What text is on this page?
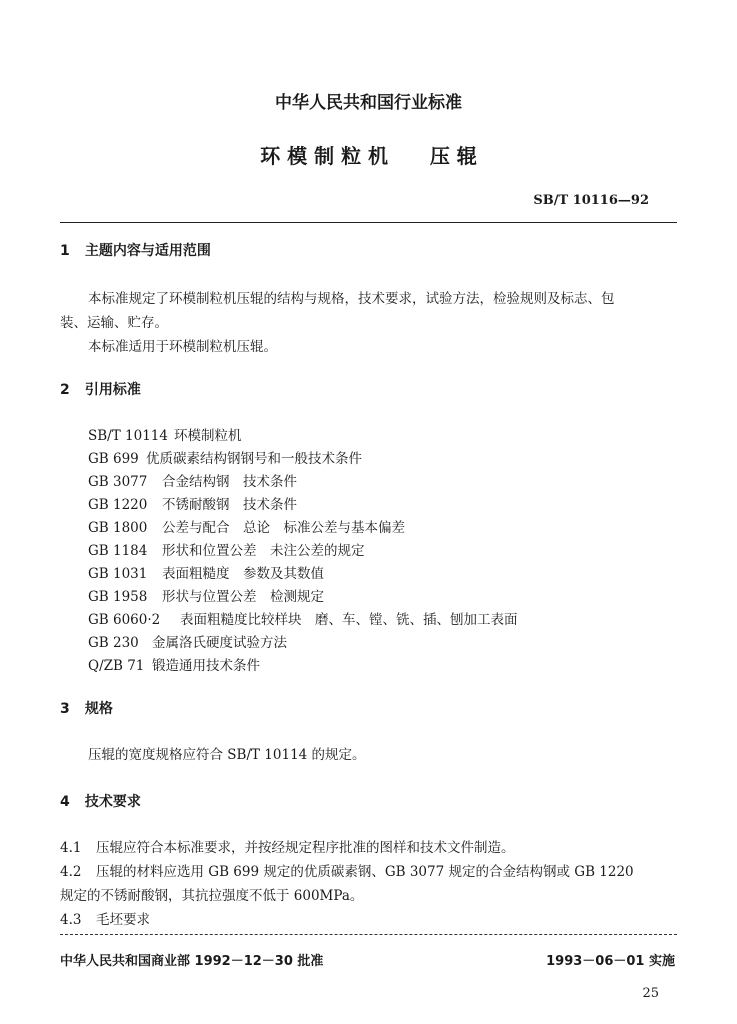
中华人民共和国行业标准
环 模 制 粒 机      压 辊
SB/T 10116—92
1 主题内容与适用范围
本标准规定了环模制粒机压辊的结构与规格，技术要求，试验方法，检验规则及标志、包
装、运输、贮存。
本标准适用于环模制粒机压辊。
2 引用标准
SB/T 10114 环模制粒机
GB 699 优质碳素结构钢钢号和一般技术条件
GB 3077 合金结构钢　技术条件
GB 1220 不锈耐酸钢　技术条件
GB 1800 公差与配合　总论　标准公差与基本偏差
GB 1184 形状和位置公差　未注公差的规定
GB 1031 表面粗糙度　参数及其数值
GB 1958 形状与位置公差　检测规定
GB 6060·2 表面粗糙度比较样块　磨、车、镗、铣、插、刨加工表面
GB 230 金属洛氏硬度试验方法
Q/ZB 71 锻造通用技术条件
3 规格
压辊的宽度规格应符合 SB/T 10114 的规定。
4 技术要求
4.1 压辊应符合本标准要求，并按经规定程序批准的图样和技术文件制造。
4.2 压辊的材料应选用 GB 699 规定的优质碳素钢、GB 3077 规定的合金结构钢或 GB 1220
规定的不锈耐酸钢，其抗拉强度不低于 600MPa。
4.3 毛坯要求
中华人民共和国商业部 1992－12－30 批准	1993－06－01 实施
25
